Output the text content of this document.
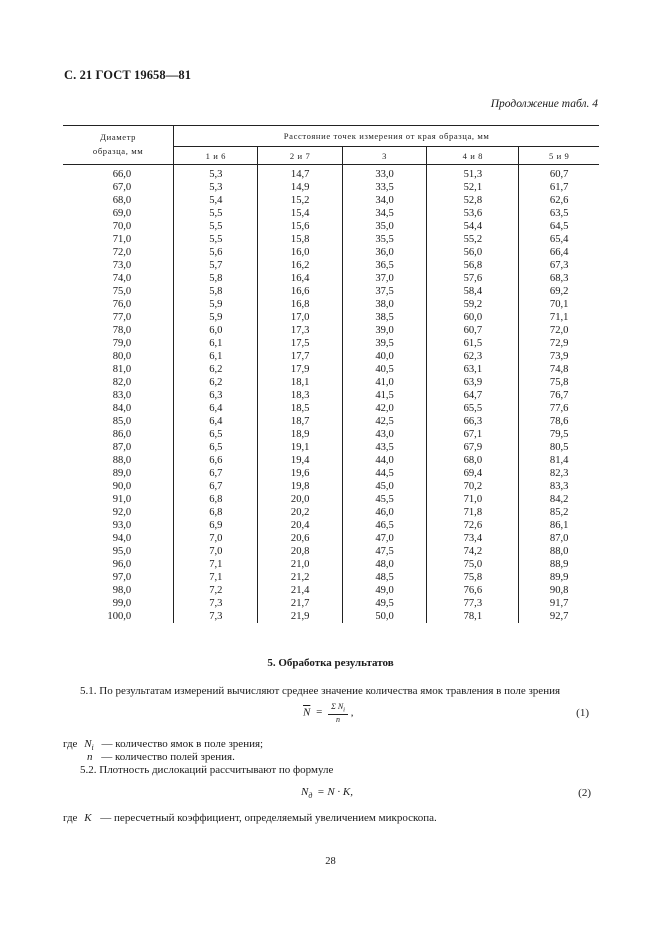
С. 21 ГОСТ 19658—81
Продолжение табл. 4
Диаметр
образца, мм	Расстояние точек измерения от края образца, мм				
	1 и 6	2 и 7	3	4 и 8	5 и 9
66,0	5,3	14,7	33,0	51,3	60,7
67,0	5,3	14,9	33,5	52,1	61,7
68,0	5,4	15,2	34,0	52,8	62,6
69,0	5,5	15,4	34,5	53,6	63,5
70,0	5,5	15,6	35,0	54,4	64,5
71,0	5,5	15,8	35,5	55,2	65,4
72,0	5,6	16,0	36,0	56,0	66,4
73,0	5,7	16,2	36,5	56,8	67,3
74,0	5,8	16,4	37,0	57,6	68,3
75,0	5,8	16,6	37,5	58,4	69,2
76,0	5,9	16,8	38,0	59,2	70,1
77,0	5,9	17,0	38,5	60,0	71,1
78,0	6,0	17,3	39,0	60,7	72,0
79,0	6,1	17,5	39,5	61,5	72,9
80,0	6,1	17,7	40,0	62,3	73,9
81,0	6,2	17,9	40,5	63,1	74,8
82,0	6,2	18,1	41,0	63,9	75,8
83,0	6,3	18,3	41,5	64,7	76,7
84,0	6,4	18,5	42,0	65,5	77,6
85,0	6,4	18,7	42,5	66,3	78,6
86,0	6,5	18,9	43,0	67,1	79,5
87,0	6,5	19,1	43,5	67,9	80,5
88,0	6,6	19,4	44,0	68,0	81,4
89,0	6,7	19,6	44,5	69,4	82,3
90,0	6,7	19,8	45,0	70,2	83,3
91,0	6,8	20,0	45,5	71,0	84,2
92,0	6,8	20,2	46,0	71,8	85,2
93,0	6,9	20,4	46,5	72,6	86,1
94,0	7,0	20,6	47,0	73,4	87,0
95,0	7,0	20,8	47,5	74,2	88,0
96,0	7,1	21,0	48,0	75,0	88,9
97,0	7,1	21,2	48,5	75,8	89,9
98,0	7,2	21,4	49,0	76,6	90,8
99,0	7,3	21,7	49,5	77,3	91,7
100,0	7,3	21,9	50,0	78,1	92,7
5. Обработка результатов
5.1. По результатам измерений вычисляют среднее значение количества ямок травления в поле зрения
$\overline{N} = \frac{\Sigma N_i}{n}$ ,	(1)
где $N_i$ — количество ямок в поле зрения;
n — количество полей зрения.
5.2. Плотность дислокаций рассчитывают по формуле
$N_д = N \cdot K$,	(2)
где K — пересчетный коэффициент, определяемый увеличением микроскопа.
28
